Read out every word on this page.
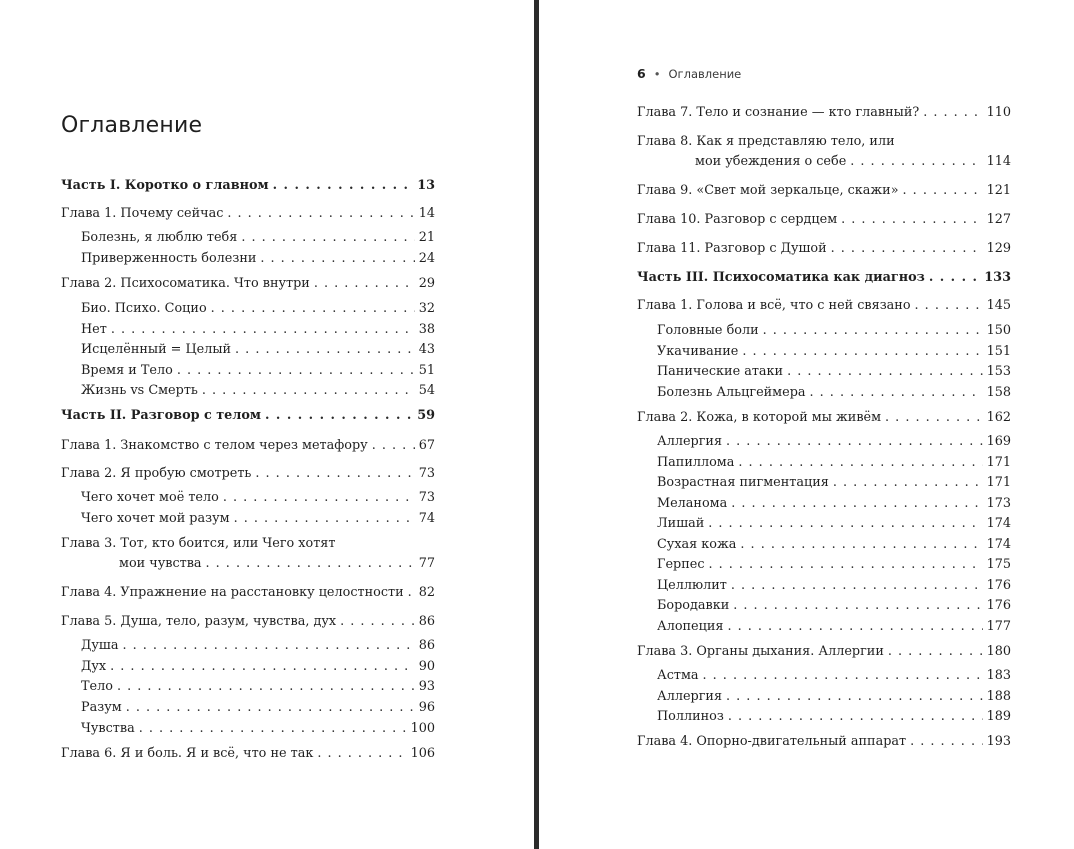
Оглавление
Часть I. Коротко о главном . . .	13
Глава 1. Почему сейчас . . .	14
Болезнь, я люблю тебя . . .	21
Приверженность болезни . . .	24
Глава 2. Психосоматика. Что внутри . . .	29
Био. Психо. Социо . . .	32
Нет . . .	38
Исцелённый = Целый . . .	43
Время и Тело . . .	51
Жизнь vs Смерть . . .	54
Часть II. Разговор с телом . . .	59
Глава 1. Знакомство с телом через метафору . . .	67
Глава 2. Я пробую смотреть . . .	73
Чего хочет моё тело . . .	73
Чего хочет мой разум . . .	74
Глава 3. Тот, кто боится, или Чего хотят
мои чувства . . .	77
Глава 4. Упражнение на расстановку целостности . . . 82
Глава 5. Душа, тело, разум, чувства, дух . . .	86
Душа . . .	86
Дух . . .	90
Тело . . .	93
Разум . . .	96
Чувства . . .	100
Глава 6. Я и боль. Я и всё, что не так . . .	106
6 • Оглавление
Глава 7. Тело и сознание — кто главный? . . .	110
Глава 8. Как я представляю тело, или
мои убеждения о себе . . .	114
Глава 9. «Свет мой зеркальце, скажи» . . .	121
Глава 10. Разговор с сердцем . . .	127
Глава 11. Разговор с Душой . . .	129
Часть III. Психосоматика как диагноз . . .	133
Глава 1. Голова и всё, что с ней связано . . .	145
Головные боли . . .	150
Укачивание . . .	151
Панические атаки . . .	153
Болезнь Альцгеймера . . .	158
Глава 2. Кожа, в которой мы живём . . .	162
Аллергия . . .	169
Папиллома . . .	171
Возрастная пигментация . . .	171
Меланома . . .	173
Лишай . . .	174
Сухая кожа . . .	174
Герпес . . .	175
Целлюлит . . .	176
Бородавки . . .	176
Алопеция . . .	177
Глава 3. Органы дыхания. Аллергии . . .	180
Астма . . .	183
Аллергия . . .	188
Поллиноз . . .	189
Глава 4. Опорно-двигательный аппарат . . .	193
